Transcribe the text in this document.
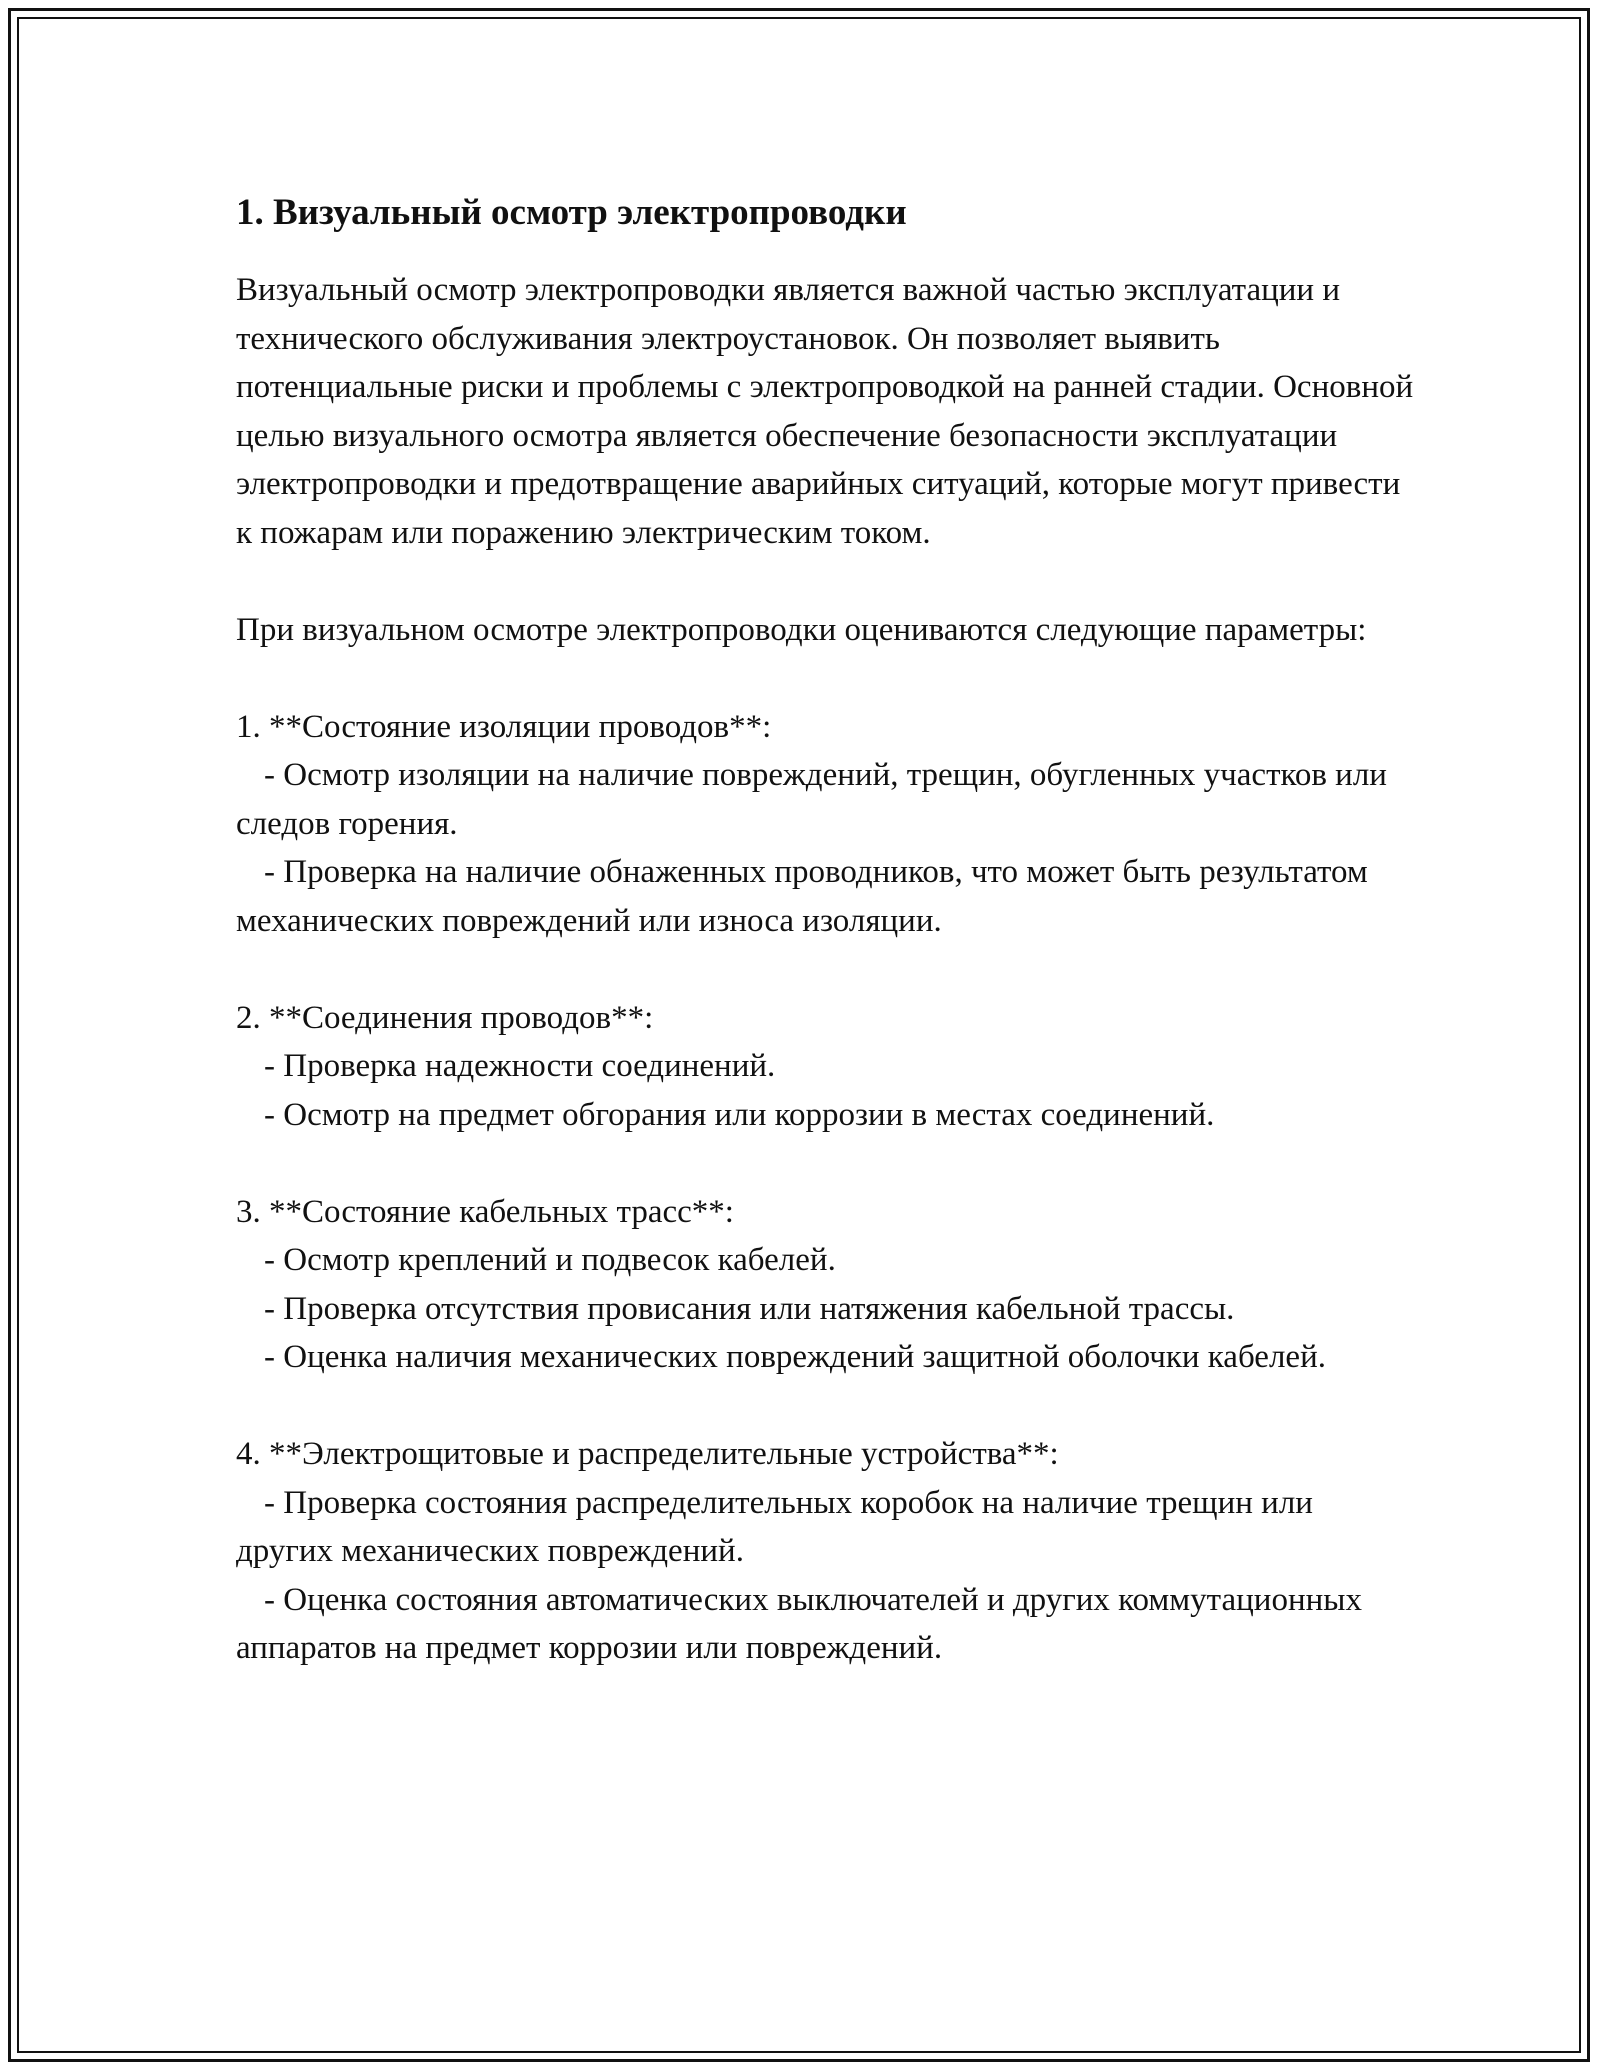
1. Визуальный осмотр электропроводки

Визуальный осмотр электропроводки является важной частью эксплуатации и технического обслуживания электроустановок. Он позволяет выявить потенциальные риски и проблемы с электропроводкой на ранней стадии. Основной целью визуального осмотра является обеспечение безопасности эксплуатации электропроводки и предотвращение аварийных ситуаций, которые могут привести к пожарам или поражению электрическим током.

При визуальном осмотре электропроводки оцениваются следующие параметры:

1. **Состояние изоляции проводов**:

- Осмотр изоляции на наличие повреждений, трещин, обугленных участков или следов горения.

- Проверка на наличие обнаженных проводников, что может быть результатом механических повреждений или износа изоляции.

2. **Соединения проводов**:

- Проверка надежности соединений.

- Осмотр на предмет обгорания или коррозии в местах соединений.

3. **Состояние кабельных трасс**:

- Осмотр креплений и подвесок кабелей.

- Проверка отсутствия провисания или натяжения кабельной трассы.

- Оценка наличия механических повреждений защитной оболочки кабелей.

4. **Электрощитовые и распределительные устройства**:

- Проверка состояния распределительных коробок на наличие трещин или других механических повреждений.

- Оценка состояния автоматических выключателей и других коммутационных аппаратов на предмет коррозии или повреждений.
